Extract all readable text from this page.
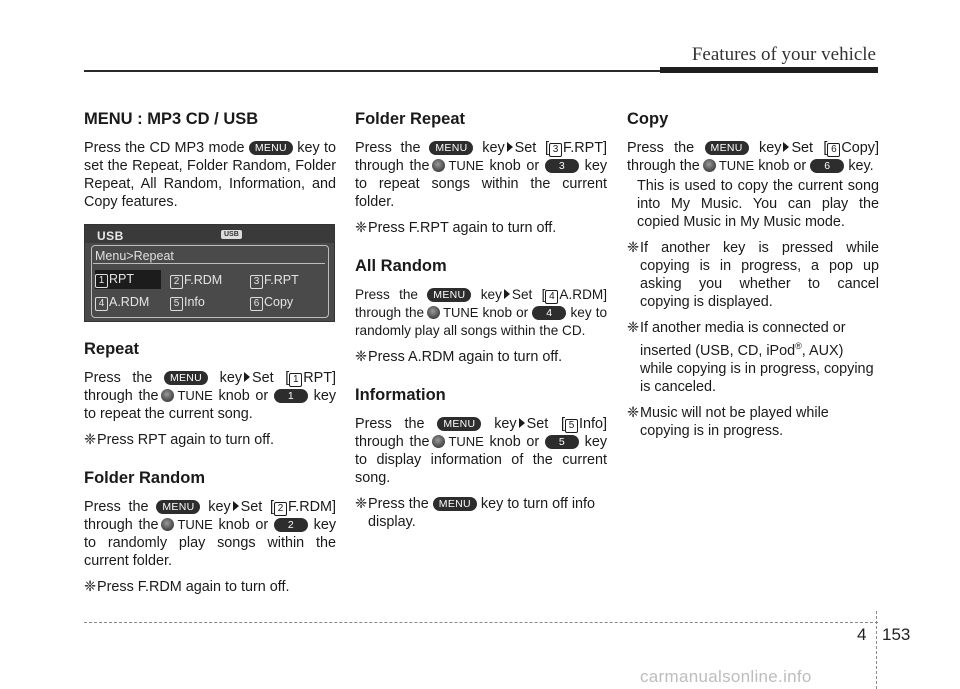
Features of your vehicle
MENU : MP3 CD / USB

Press the CD MP3 mode MENU key to set the Repeat, Folder Random, Folder Repeat, All Random, Information, and Copy features.

USB	USB
Menu>Repeat
1 RPT	2 F.RDM	3 F.RPT
4 A.RDM	5 Info	6 Copy
Repeat

Press the MENU key Set [ 1 RPT] through the TUNE knob or 1 key to repeat the current song.

❈ Press RPT again to turn off.
Folder Random

Press the MENU key Set [ 2 F.RDM] through the TUNE knob or 2 key to randomly play songs within the current folder.

❈ Press F.RDM again to turn off.
Folder Repeat

Press the MENU key Set [ 3 F.RPT] through the TUNE knob or 3 key to repeat songs within the current folder.

❈ Press F.RPT again to turn off.
All Random

Press the MENU key Set [ 4 A.RDM] through the TUNE knob or 4 key to randomly play all songs within the CD.

❈ Press A.RDM again to turn off.
Information

Press the MENU key Set [ 5 Info] through the TUNE knob or 5 key to display information of the current song.

❈ Press the MENU key to turn off info display.
Copy

Press the MENU key Set [ 6 Copy] through the TUNE knob or 6 key.

This is used to copy the current song into My Music. You can play the copied Music in My Music mode.

❈ If another key is pressed while copying is in progress, a pop up asking you whether to cancel copying is displayed.
❈ If another media is connected or inserted (USB, CD, iPod®, AUX) while copying is in progress, copying is canceled.
❈ Music will not be played while copying is in progress.
4 153
carmanualsonline.info
